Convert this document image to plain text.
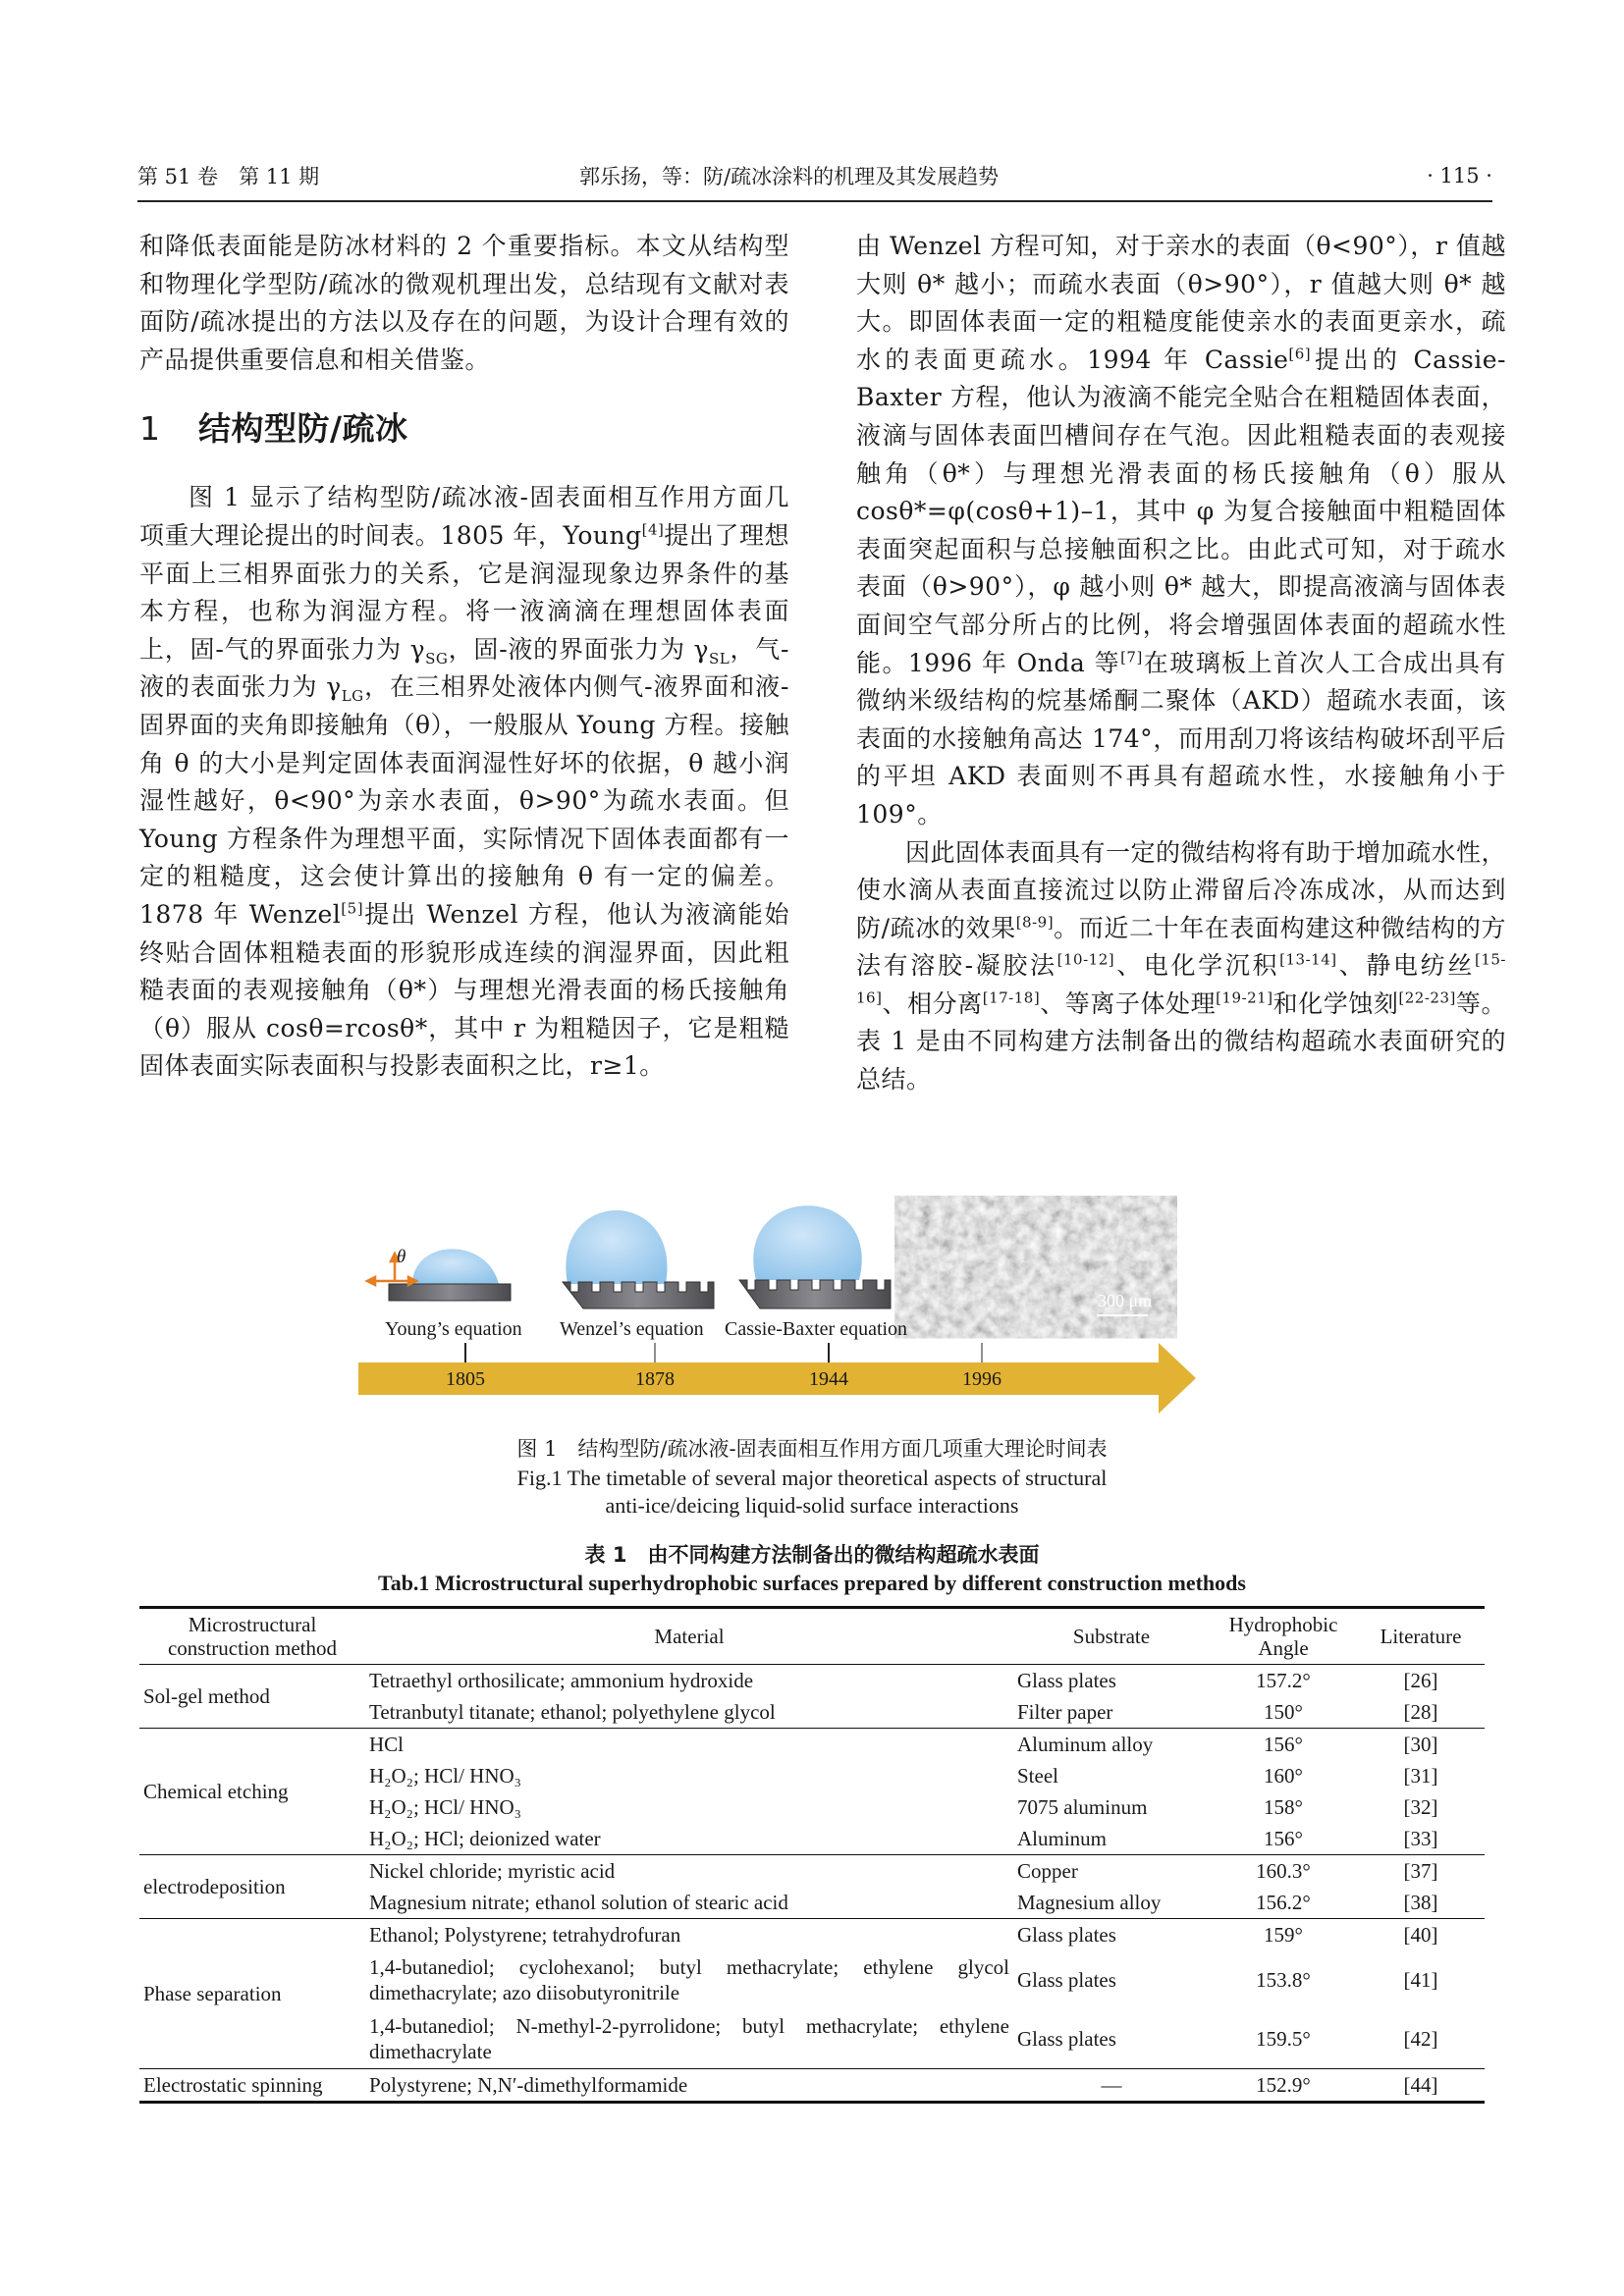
第 51 卷　第 11 期	郭乐扬，等：防/疏冰涂料的机理及其发展趋势	· 115 ·

和降低表面能是防冰材料的 2 个重要指标。本文从结构型和物理化学型防/疏冰的微观机理出发，总结现有文献对表面防/疏冰提出的方法以及存在的问题，为设计合理有效的产品提供重要信息和相关借鉴。

1 结构型防/疏冰

图 1 显示了结构型防/疏冰液-固表面相互作用方面几项重大理论提出的时间表。1805 年，Young[4]提出了理想平面上三相界面张力的关系，它是润湿现象边界条件的基本方程，也称为润湿方程。将一液滴滴在理想固体表面上，固-气的界面张力为 $\gamma_{SG}$，固-液的界面张力为 $\gamma_{SL}$，气-液的表面张力为 $\gamma_{LG}$，在三相界处液体内侧气-液界面和液-固界面的夹角即接触角（θ），一般服从 Young 方程。接触角 θ 的大小是判定固体表面润湿性好坏的依据，θ 越小润湿性越好，θ<90°为亲水表面，θ>90°为疏水表面。但 Young 方程条件为理想平面，实际情况下固体表面都有一定的粗糙度，这会使计算出的接触角 θ 有一定的偏差。1878 年 Wenzel[5]提出 Wenzel 方程，他认为液滴能始终贴合固体粗糙表面的形貌形成连续的润湿界面，因此粗糙表面的表观接触角（θ*）与理想光滑表面的杨氏接触角（θ）服从 cosθ=rcosθ*，其中 r 为粗糙因子，它是粗糙固体表面实际表面积与投影表面积之比，r≥1。

由 Wenzel 方程可知，对于亲水的表面（θ<90°），r 值越大则 θ* 越小；而疏水表面（θ>90°），r 值越大则 θ* 越大。即固体表面一定的粗糙度能使亲水的表面更亲水，疏水的表面更疏水。1994 年 Cassie[6]提出的 Cassie-Baxter 方程，他认为液滴不能完全贴合在粗糙固体表面，液滴与固体表面凹槽间存在气泡。因此粗糙表面的表观接触角（θ*）与理想光滑表面的杨氏接触角（θ）服从 cosθ*=φ(cosθ+1)–1，其中 φ 为复合接触面中粗糙固体表面突起面积与总接触面积之比。由此式可知，对于疏水表面（θ>90°），φ 越小则 θ* 越大，即提高液滴与固体表面间空气部分所占的比例，将会增强固体表面的超疏水性能。1996 年 Onda 等[7]在玻璃板上首次人工合成出具有微纳米级结构的烷基烯酮二聚体（AKD）超疏水表面，该表面的水接触角高达 174°，而用刮刀将该结构破坏刮平后的平坦 AKD 表面则不再具有超疏水性，水接触角小于 109°。

因此固体表面具有一定的微结构将有助于增加疏水性，使水滴从表面直接流过以防止滞留后冷冻成冰，从而达到防/疏冰的效果[8-9]。而近二十年在表面构建这种微结构的方法有溶胶-凝胶法[10-12]、电化学沉积[13-14]、静电纺丝[15-16]、相分离[17-18]、等离子体处理[19-21]和化学蚀刻[22-23]等。表 1 是由不同构建方法制备出的微结构超疏水表面研究的总结。

Young’s equation
θ
Wenzel’s equation Cassie-Baxter equation
300 μm
1805	1878	1944	1996
图 1　结构型防/疏冰液-固表面相互作用方面几项重大理论时间表
Fig.1 The timetable of several major theoretical aspects of structural
anti-ice/deicing liquid-solid surface interactions
表 1　由不同构建方法制备出的微结构超疏水表面
Tab.1 Microstructural superhydrophobic surfaces prepared by different construction methods
Microstructural
construction method	Material	Substrate	Hydrophobic
Angle	Literature
Sol-gel method	Tetraethyl orthosilicate; ammonium hydroxide	Glass plates	157.2°	[26]
	Tetranbutyl titanate; ethanol; polyethylene glycol	Filter paper	150°	[28]
Chemical etching	HCl	Aluminum alloy	156°	[30]
	H₂O₂; HCl/ HNO₃	Steel	160°	[31]
	H₂O₂; HCl/ HNO₃	7075 aluminum	158°	[32]
	H₂O₂; HCl; deionized water	Aluminum	156°	[33]
electrodeposition	Nickel chloride; myristic acid	Copper	160.3°	[37]
	Magnesium nitrate; ethanol solution of stearic acid	Magnesium alloy	156.2°	[38]
Phase separation	Ethanol; Polystyrene; tetrahydrofuran	Glass plates	159°	[40]
	1,4-butanediol; cyclohexanol; butyl methacrylate; ethylene glycol dimethacrylate; azo diisobutyronitrile	Glass plates	153.8°	[41]
	1,4-butanediol; N-methyl-2-pyrrolidone; butyl methacrylate; ethylene dimethacrylate	Glass plates	159.5°	[42]
Electrostatic spinning	Polystyrene; N,N′-dimethylformamide	—	152.9°	[44]
